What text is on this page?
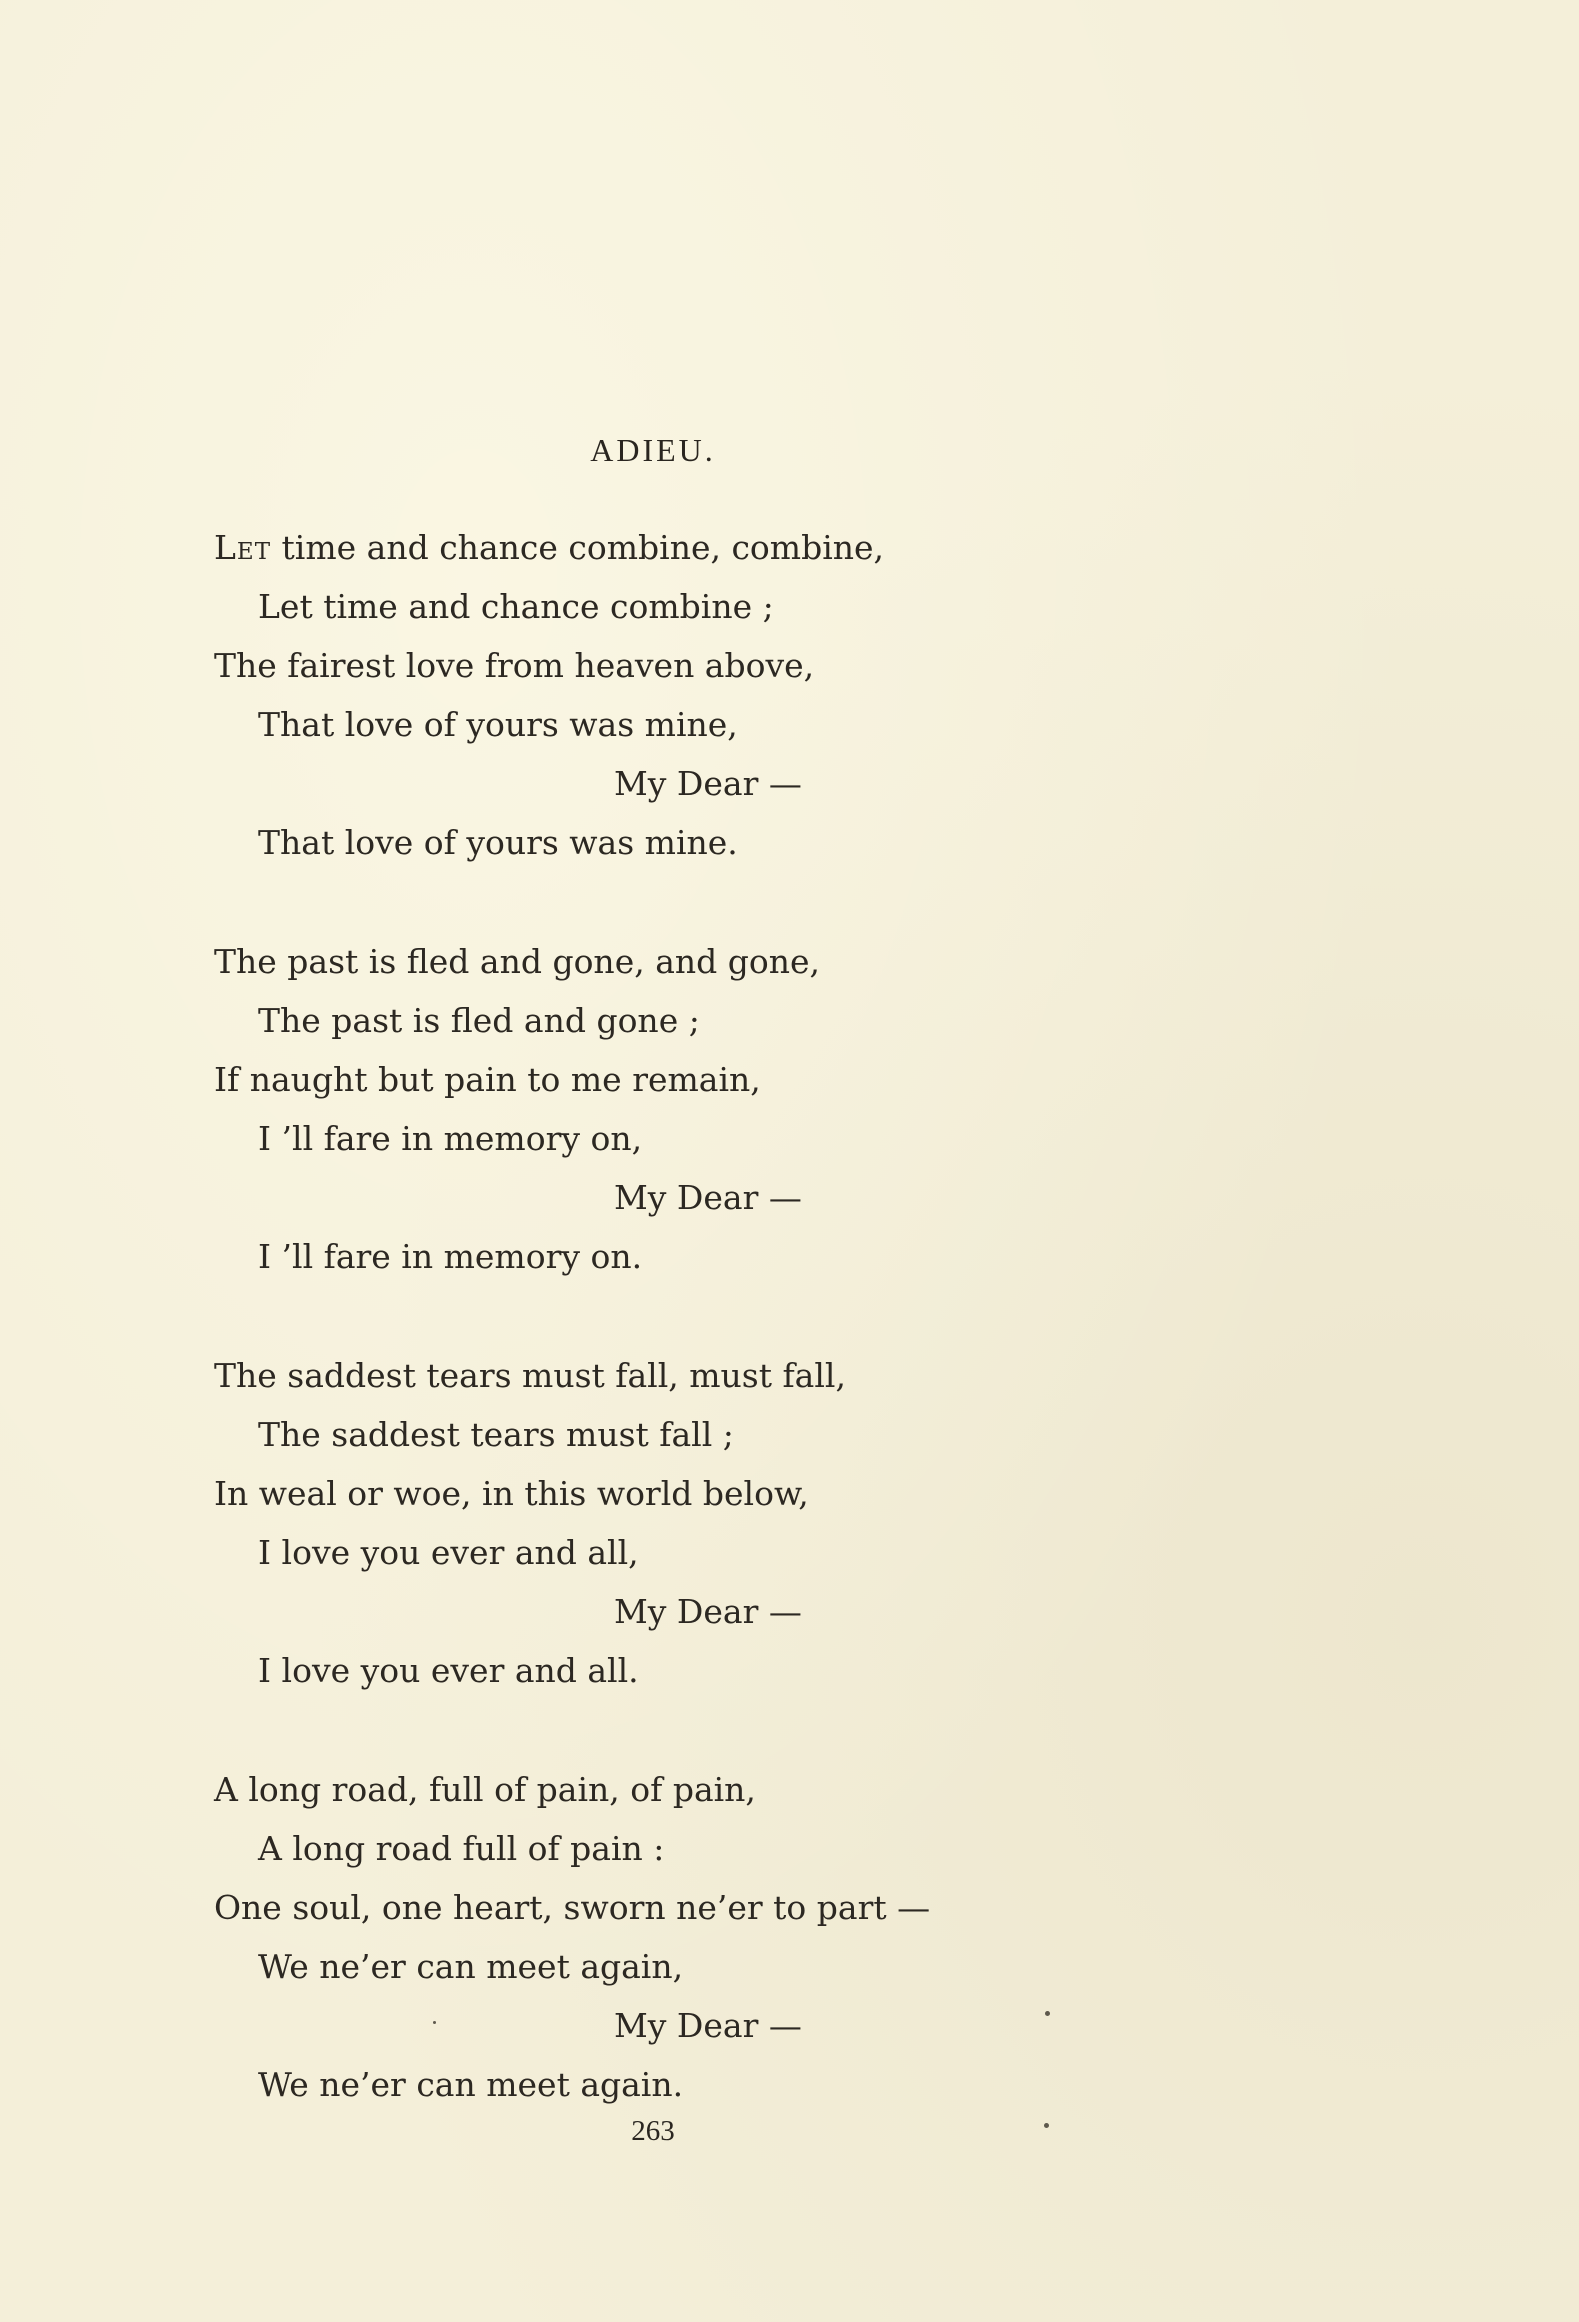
ADIEU.
Let time and chance combine, combine,
Let time and chance combine ;
The fairest love from heaven above,
That love of yours was mine,
My Dear —
That love of yours was mine.
The past is fled and gone, and gone,
The past is fled and gone ;
If naught but pain to me remain,
I ’ll fare in memory on,
My Dear —
I ’ll fare in memory on.
The saddest tears must fall, must fall,
The saddest tears must fall ;
In weal or woe, in this world below,
I love you ever and all,
My Dear —
I love you ever and all.
A long road, full of pain, of pain,
A long road full of pain :
One soul, one heart, sworn ne’er to part —
We ne’er can meet again,
My Dear —
We ne’er can meet again.
263
